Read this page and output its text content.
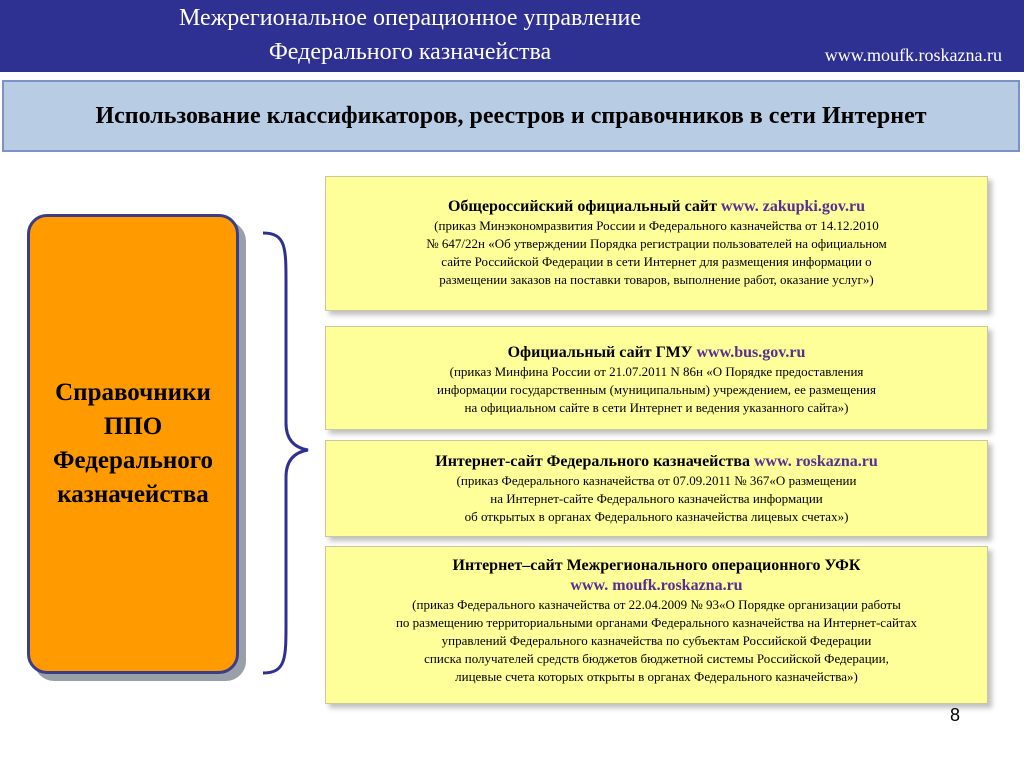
Межрегиональное операционное управление
Федерального казначейства	www.moufk.roskazna.ru
Использование классификаторов, реестров и справочников в сети Интернет
Справочники
ППО
Федерального
казначейства
Общероссийский официальный сайт www. zakupki.gov.ru
(приказ Минэкономразвития России и Федерального казначейства от 14.12.2010
№ 647/22н «Об утверждении Порядка регистрации пользователей на официальном
сайте Российской Федерации в сети Интернет для размещения информации о
размещении заказов на поставки товаров, выполнение работ, оказание услуг»)
Официальный сайт ГМУ www.bus.gov.ru
(приказ Минфина России от 21.07.2011 N 86н «О Порядке предоставления
информации государственным (муниципальным) учреждением, ее размещения
на официальном сайте в сети Интернет и ведения указанного сайта»)
Интернет-сайт Федерального казначейства www. roskazna.ru
(приказ Федерального казначейства от 07.09.2011 № 367«О размещении
на Интернет-сайте Федерального казначейства информации
об открытых в органах Федерального казначейства лицевых счетах»)
Интернет–сайт Межрегионального операционного УФК
www. moufk.roskazna.ru
(приказ Федерального казначейства от 22.04.2009 № 93«О Порядке организации работы
по размещению территориальными органами Федерального казначейства на Интернет-сайтах
управлений Федерального казначейства по субъектам Российской Федерации
списка получателей средств бюджетов бюджетной системы Российской Федерации,
лицевые счета которых открыты в органах Федерального казначейства»)
8
